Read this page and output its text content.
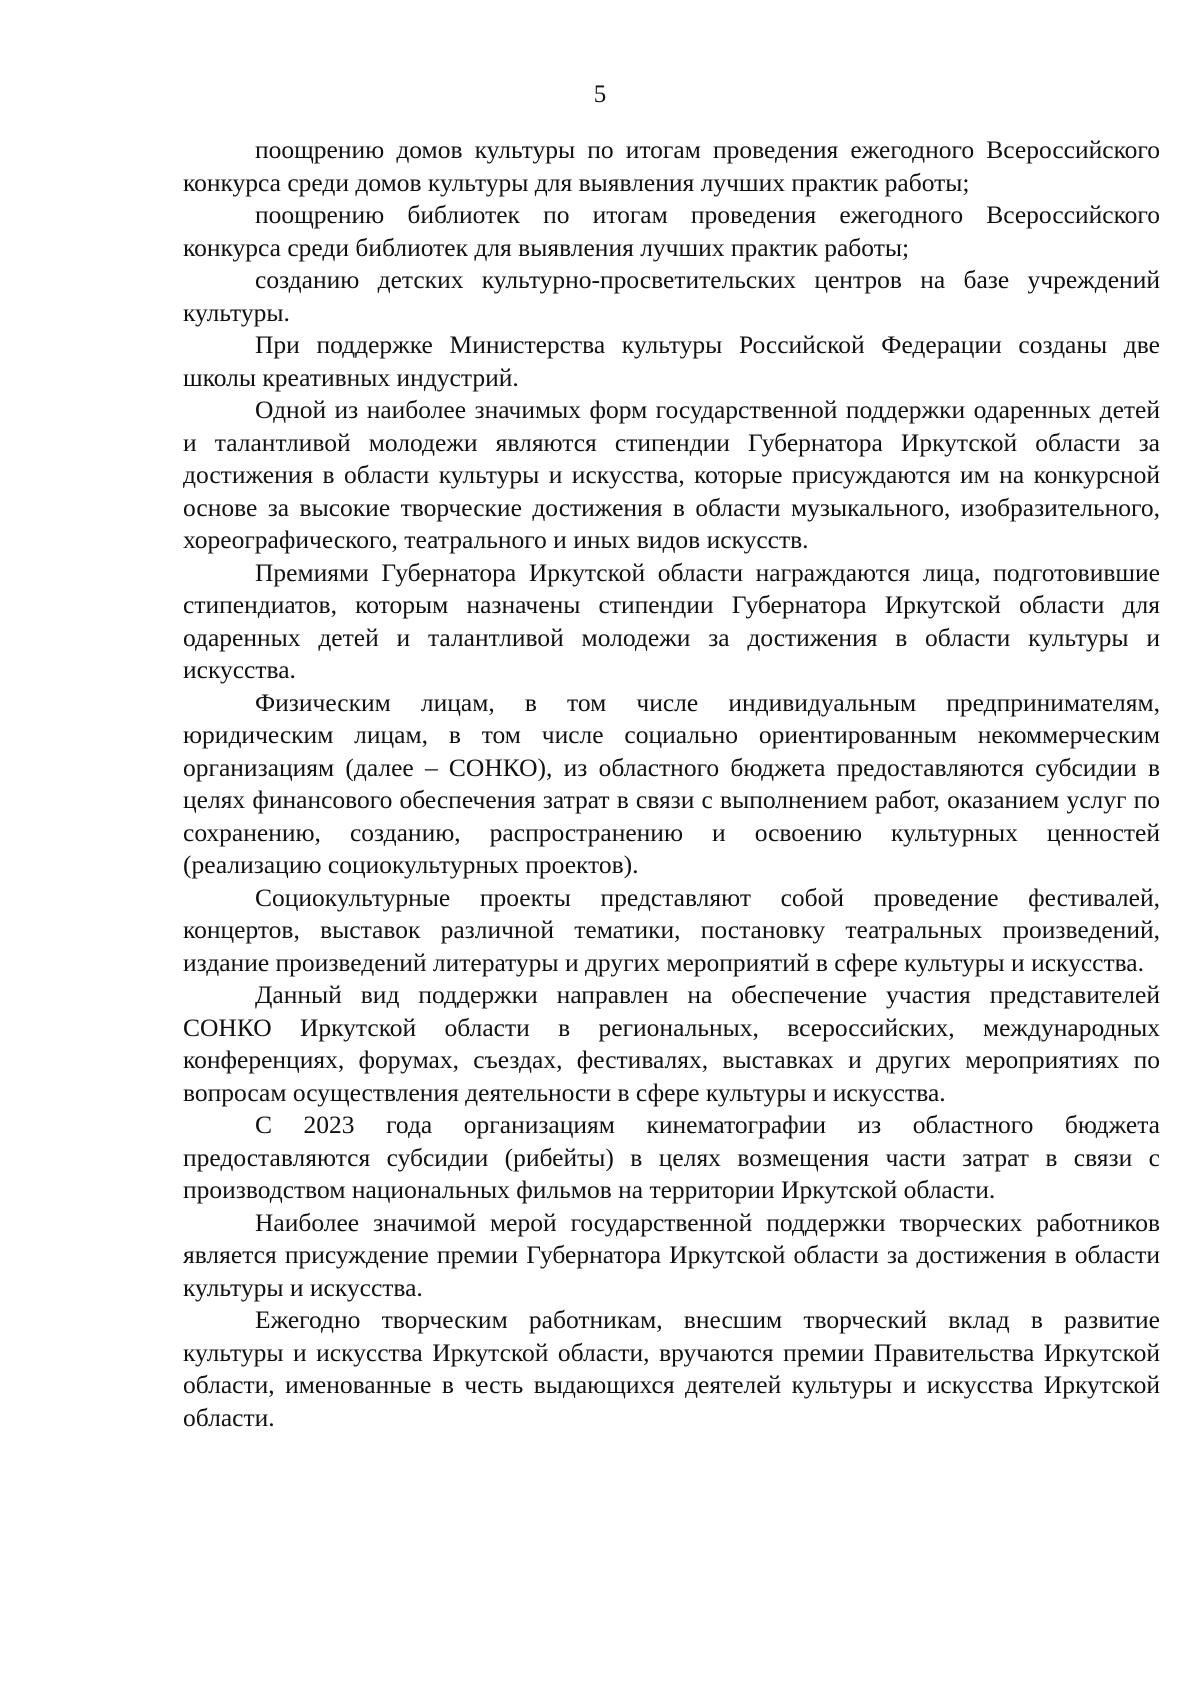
5

поощрению домов культуры по итогам проведения ежегодного Всероссийского конкурса среди домов культуры для выявления лучших практик работы;

поощрению библиотек по итогам проведения ежегодного Всероссийского конкурса среди библиотек для выявления лучших практик работы;

созданию детских культурно-просветительских центров на базе учреждений культуры.

При поддержке Министерства культуры Российской Федерации созданы две школы креативных индустрий.

Одной из наиболее значимых форм государственной поддержки одаренных детей и талантливой молодежи являются стипендии Губернатора Иркутской области за достижения в области культуры и искусства, которые присуждаются им на конкурсной основе за высокие творческие достижения в области музыкального, изобразительного, хореографического, театрального и иных видов искусств.

Премиями Губернатора Иркутской области награждаются лица, подготовившие стипендиатов, которым назначены стипендии Губернатора Иркутской области для одаренных детей и талантливой молодежи за достижения в области культуры и искусства.

Физическим лицам, в том числе индивидуальным предпринимателям, юридическим лицам, в том числе социально ориентированным некоммерческим организациям (далее – СОНКО), из областного бюджета предоставляются субсидии в целях финансового обеспечения затрат в связи с выполнением работ, оказанием услуг по сохранению, созданию, распространению и освоению культурных ценностей (реализацию социокультурных проектов).

Социокультурные проекты представляют собой проведение фестивалей, концертов, выставок различной тематики, постановку театральных произведений, издание произведений литературы и других мероприятий в сфере культуры и искусства.

Данный вид поддержки направлен на обеспечение участия представителей СОНКО Иркутской области в региональных, всероссийских, международных конференциях, форумах, съездах, фестивалях, выставках и других мероприятиях по вопросам осуществления деятельности в сфере культуры и искусства.

С 2023 года организациям кинематографии из областного бюджета предоставляются субсидии (рибейты) в целях возмещения части затрат в связи с производством национальных фильмов на территории Иркутской области.

Наиболее значимой мерой государственной поддержки творческих работников является присуждение премии Губернатора Иркутской области за достижения в области культуры и искусства.

Ежегодно творческим работникам, внесшим творческий вклад в развитие культуры и искусства Иркутской области, вручаются премии Правительства Иркутской области, именованные в честь выдающихся деятелей культуры и искусства Иркутской области.
